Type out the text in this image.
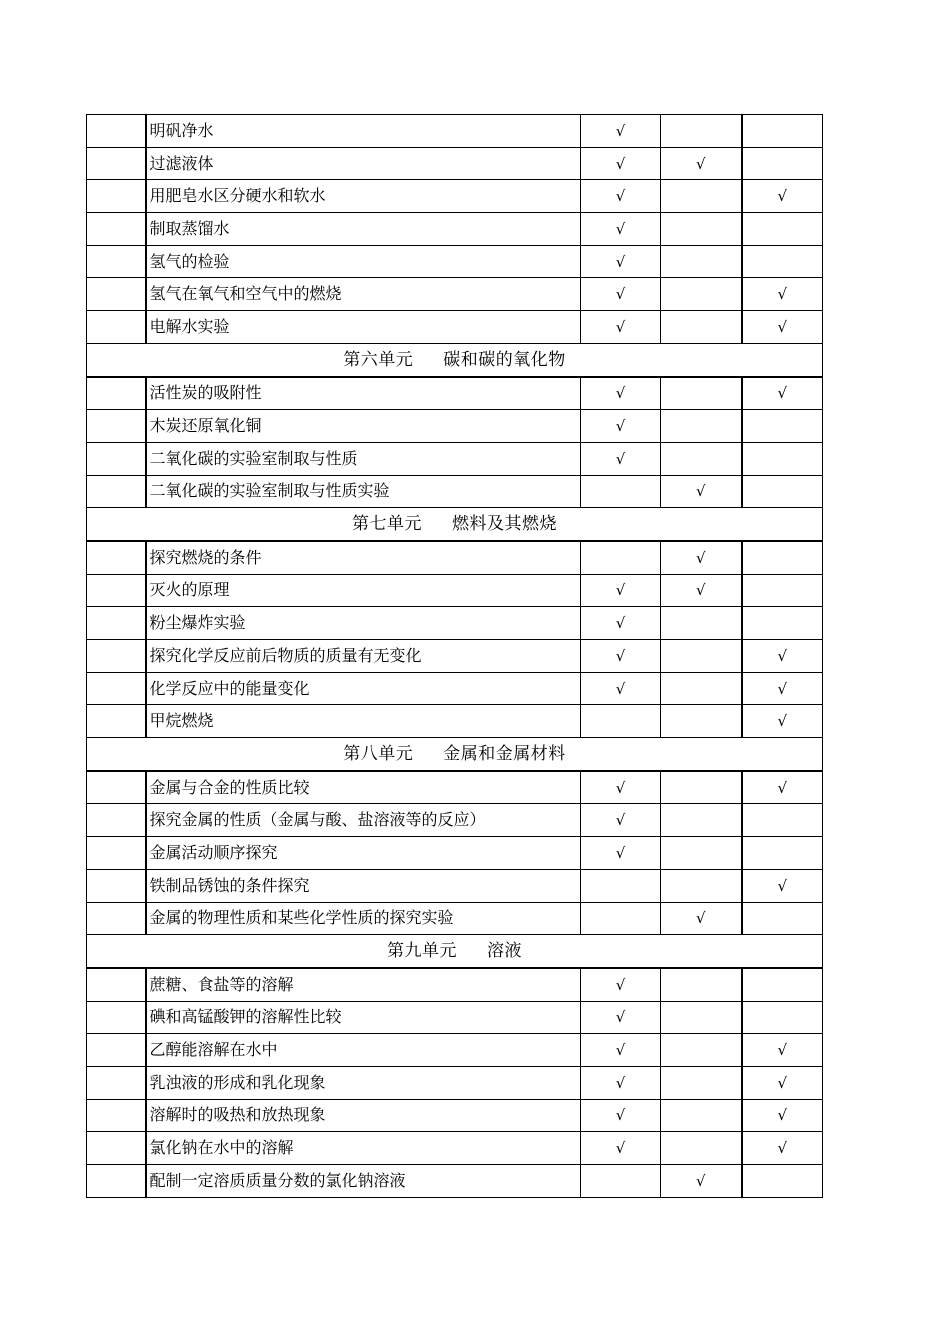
	明矾净水	√		
	过滤液体	√	√	
	用肥皂水区分硬水和软水	√		√
	制取蒸馏水	√		
	氢气的检验	√		
	氢气在氧气和空气中的燃烧	√		√
	电解水实验	√		√
第六单元 碳和碳的氧化物				
	活性炭的吸附性	√		√
	木炭还原氧化铜	√		
	二氧化碳的实验室制取与性质	√		
	二氧化碳的实验室制取与性质实验		√	
第七单元 燃料及其燃烧				
	探究燃烧的条件		√	
	灭火的原理	√	√	
	粉尘爆炸实验	√		
	探究化学反应前后物质的质量有无变化	√		√
	化学反应中的能量变化	√		√
	甲烷燃烧			√
第八单元 金属和金属材料				
	金属与合金的性质比较	√		√
	探究金属的性质（金属与酸、盐溶液等的反应）	√		
	金属活动顺序探究	√		
	铁制品锈蚀的条件探究			√
	金属的物理性质和某些化学性质的探究实验		√	
第九单元 溶液				
	蔗糖、食盐等的溶解	√		
	碘和高锰酸钾的溶解性比较	√		
	乙醇能溶解在水中	√		√
	乳浊液的形成和乳化现象	√		√
	溶解时的吸热和放热现象	√		√
	氯化钠在水中的溶解	√		√
	配制一定溶质质量分数的氯化钠溶液		√	
